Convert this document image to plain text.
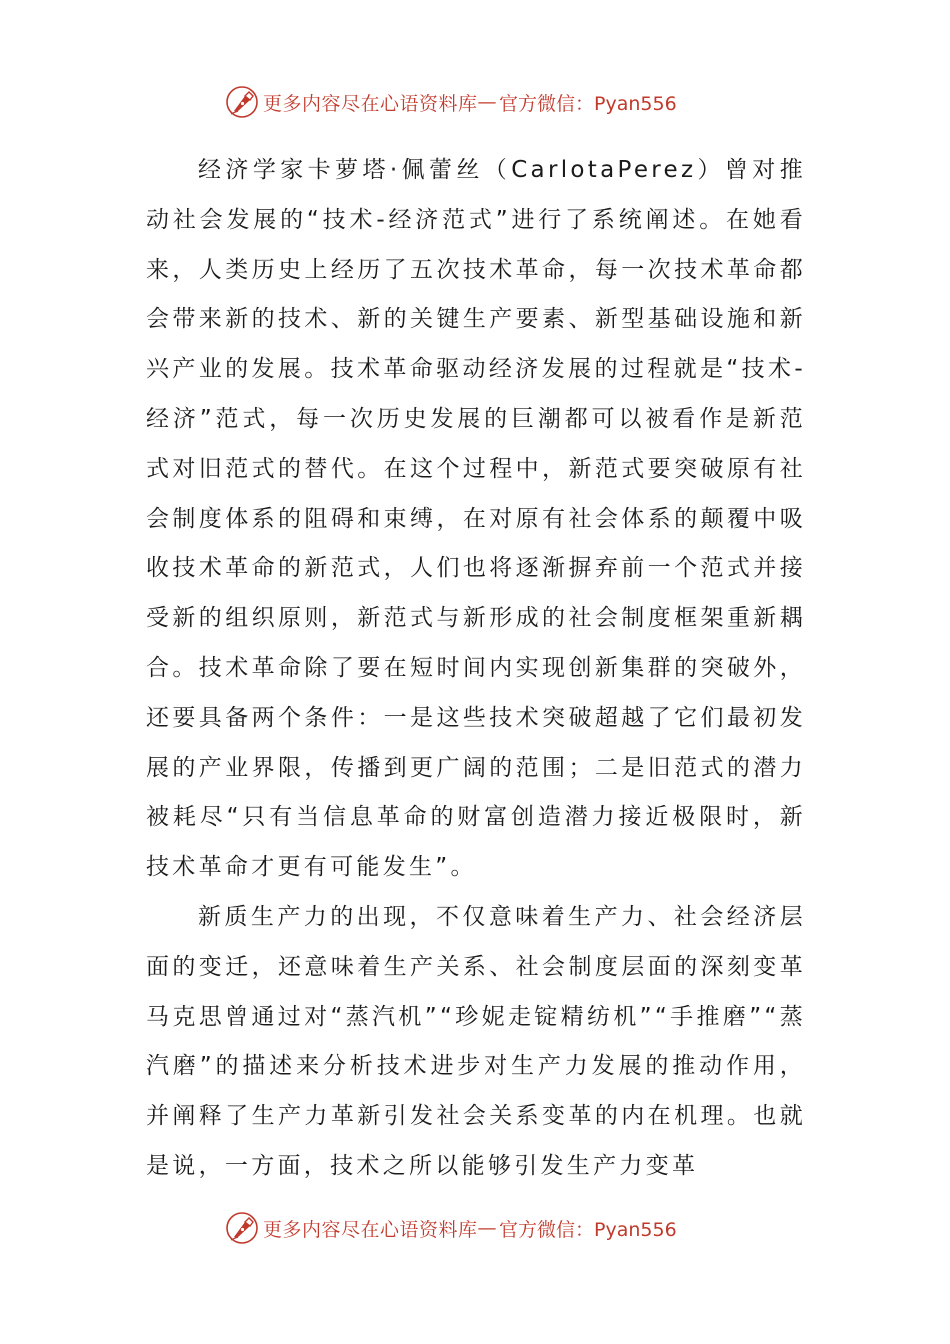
更多内容尽在心语资料库 — 官方微信：Pyan556

经济学家卡萝塔·佩蕾丝（CarlotaPerez）曾对推动社会发展的“技术-经济范式”进行了系统阐述。在她看来，人类历史上经历了五次技术革命，每一次技术革命都会带来新的技术、新的关键生产要素、新型基础设施和新兴产业的发展。技术革命驱动经济发展的过程就是“技术-经济”范式，每一次历史发展的巨潮都可以被看作是新范式对旧范式的替代。在这个过程中，新范式要突破原有社会制度体系的阻碍和束缚，在对原有社会体系的颠覆中吸收技术革命的新范式，人们也将逐渐摒弃前一个范式并接受新的组织原则，新范式与新形成的社会制度框架重新耦合。技术革命除了要在短时间内实现创新集群的突破外，还要具备两个条件：一是这些技术突破超越了它们最初发展的产业界限，传播到更广阔的范围；二是旧范式的潜力被耗尽“只有当信息革命的财富创造潜力接近极限时，新技术革命才更有可能发生”。

新质生产力的出现，不仅意味着生产力、社会经济层面的变迁，还意味着生产关系、社会制度层面的深刻变革马克思曾通过对“蒸汽机”“珍妮走锭精纺机”“手推磨”“蒸汽磨”的描述来分析技术进步对生产力发展的推动作用，并阐释了生产力革新引发社会关系变革的内在机理。也就是说，一方面，技术之所以能够引发生产力变革

更多内容尽在心语资料库 — 官方微信：Pyan556
